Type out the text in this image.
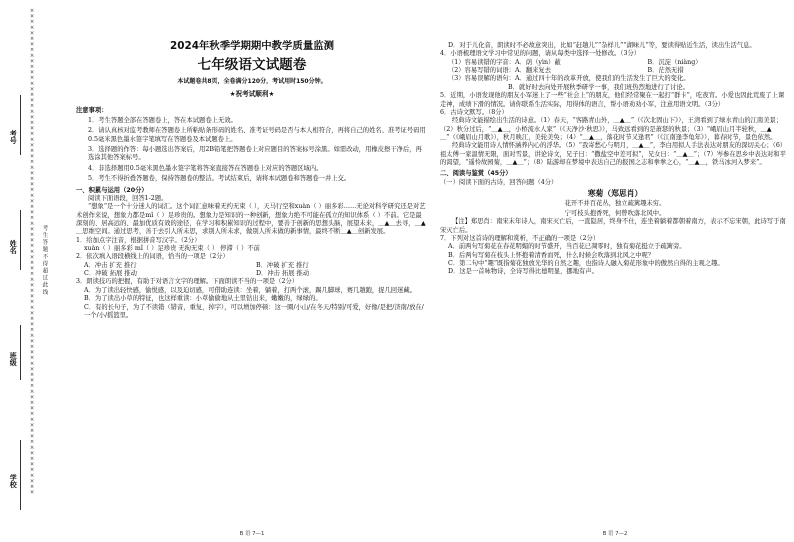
×××××××××××××××××××××××××××××××××××××××××××××××××××××××××××××××××××××××××××××××××××××××
考号
姓名
班级
学校
考生答题不得超过此线
2024年秋季学期期中教学质量监测
七年级语文试题卷
本试题卷共8页，全卷满分120分，考试用时150分钟。
★祝考试顺利★
注意事项：
1．考生答题全部在答题卷上，答在本试题卷上无效。
2．请认真核对监考教师在答题卷上所粘贴条形码的姓名、准考证号码是否与本人相符合，再将自己的姓名、准考证号码用0.5毫米黑色墨水签字笔填写在答题卷及本试题卷上。
3．选择题的作答：每小题选出答案后，用2B铅笔把答题卷上对应题目的答案标号涂黑。如需改动，用橡皮擦干净后，再选涂其他答案标号。
4．非选择题用0.5毫米黑色墨水签字笔将答案直接答在答题卷上对应的答题区域内。
5．考生不得折叠答题卷，保持答题卷的整洁。考试结束后，请将本试题卷和答题卷一并上交。
一、积累与运用（20分）
阅读下面语段，回答1-2题。
“想象”是一个十分迷人的词汇。这个词汇意味着无约无束（ ），天马行空和xuàn（ ）丽多彩……无论对科学研究还是对艺术创作来说，想象力都是mǐ（ ）足珍贵的。想象力是知识的一种创新，想象力绝不可能在孤立的知识体系（ ）不前。它是最深刻的、居高远的、最加优质有效的途径，在学习和积累知识的过程中，要善于创新的思想头脑，展望未来，＿▲＿去寻，＿▲＿思维空间。通过思考，善于去引人所未思，求别人所未求，做别人所未做的新事情，最终不断＿▲＿创新发展。
1．给加点字注音，根据拼音写汉字。（2分）
xuàn（ ）丽多彩 mǐ（ ）足珍贵 无拘无束（ ） 停滞（ ）不前
2．依次填入语段横线上的词语，恰当的一项是（2分）
A．冲击 扩充 推行	B．冲破 扩充 推行
C．冲破 拓展 推动	D．冲击 拓展 推动
3．朗读技巧的把握，有助于对语言文字的理解。下面朗读不当的一项是（2分）
A．为了读出轻快感，愉悦感，以及迫切感，可借助连读：坐着，躺着，打两个滚，踢几脚球，赛几趟跑，捉几回迷藏。
B．为了读出小草的特征，也这样重读：小草偷偷地从土里钻出来，嫩嫩的，绿绿的。
C．有的长句子，为了不读错（错音，重复，掉字），可以增加停顿：这一圈/小山/在冬天/特别/可爱，好像/是把/济南/放在/一个/小/摇篮里。
B 语 7—1
D．对于儿化音，朗读时不必故意突出，比如“赶趟儿”“杂样儿”“湖味儿”等，要读得贴近生活，读出生活气息。
4．小语梳理语文学习中常见的问题，请从每类中选择一处修改。（3分）
（1）容易读错的字音：A．荫（yìn）蔽	B．沉淀（niàng）
（2）容易写错的词语：A．翻来复去	B．茫然无措
（3）容易误解的语句：A．通过四十年的改革开放，使我们的生活发生了巨大的变化。
B．就好时去向处开展秋季研学一事，我们班热烈地进行了讨论。
5．近期，小语发现他的朋友小军迷上了一些“社会上”的朋友，他们经常聚在一起打“群卡”，吃夜宵。小爱也因此荒废了上课走神，成绩下滑的情况。请你联系生活实际，用得体的语言，帮小语劝劝小军，注意用语文明。（3分）
6．古诗文默写。（8分）
经典诗文能描绘出生活的诗意。（1）春天，“客路青山外，＿▲＿”（《次北固山下》），王湾看到了绿水青山的江南美景；（2）秋分过后，“＿▲＿，小桥流水人家”（《天净沙·秋思》），马致远看到的是萧瑟的秋景；（3）“峨眉山月半轮秋，＿▲＿”（《峨眉山月歌》），秋月映江，美轮美奂；（4）“＿▲＿，落花时节又逢君”（《江南逢李龟年》），暮春时节，景色依然。
经典诗文能用诗人情怀涵养内心的浮华。（5）“我寄愁心与明月，＿▲＿”，李白用拟人手法表达对朋友的深切关心；（6）祖太傅一家温情无限，面对雪景，讲论诗文，兄子曰：“撒盐空中差可拟”，兄女曰：“＿▲＿”；（7）岑参在思乡中表达对和平的渴望，“遥怜故园菊，＿▲＿”；（8）陆游却在梦境中表达自己的报国之志和拳拳之心，“＿▲＿，铁马冰河入梦来”。
二、阅读与鉴赏（45分）
（一）阅读下面的古诗，回答问题（4分）
寒菊（郑思肖）
花开不并百花丛，独立疏篱趣未穷。
宁可枝头抱香死，何曾吹落北风中。
【注】郑思肖：南宋末年诗人，南宋灭亡后，一直隐居，终身不仕，连坐着躺着都朝着南方，表示不忘宋朝，此诗写于南宋灭亡后。
7．下列对这首诗的理解和赏析，不正确的一项是（2分）
A．前两句写菊花在春花明媚的时节盛开，当百花已凋零时，独有菊花挺立于疏篱旁。
B．后两句写菊在枝头上怀抱着清香而死，什么时候会吹落到北风之中呢？
C．第二句中“趣”既指菊花独放光华的自然之趣，也指诗人融入菊花形象中的傲然自得的主观之趣。
D．这是一首咏物诗，全诗写得比德明显，挪地有声。
B 语 7—2
